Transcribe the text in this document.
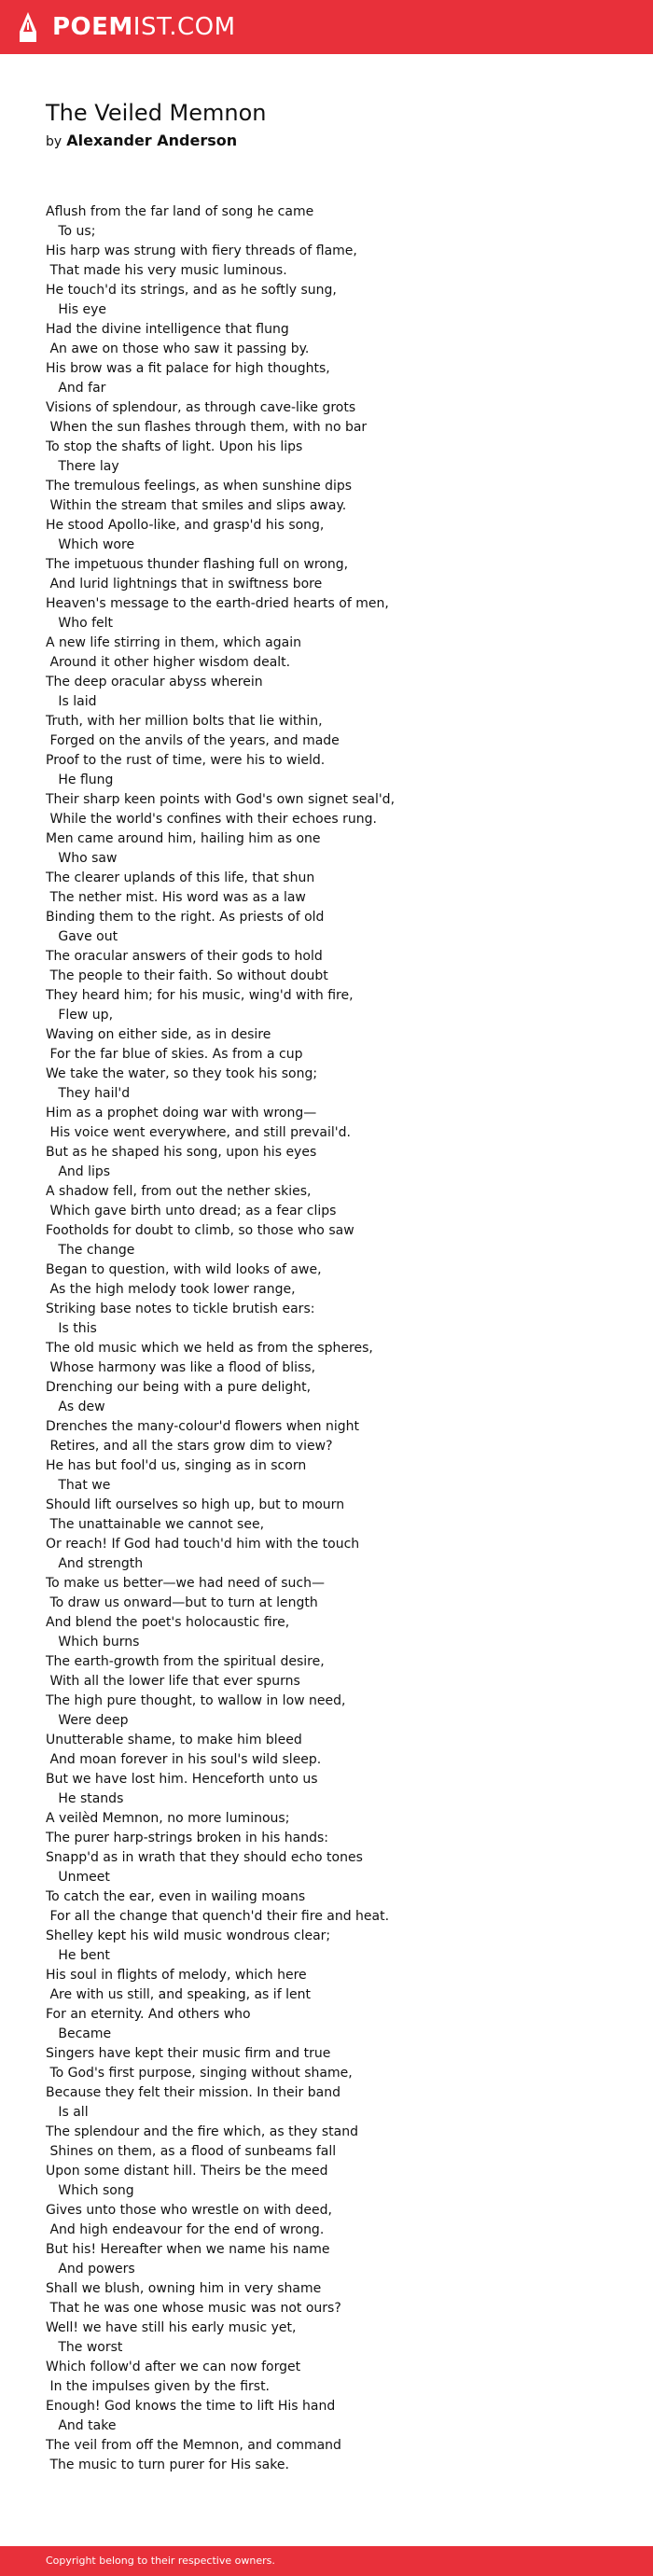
POEMIST.COM
The Veiled Memnon
by Alexander Anderson
Aflush from the far land of song he came
To us;
His harp was strung with fiery threads of flame,
That made his very music luminous.
He touch'd its strings, and as he softly sung,
His eye
Had the divine intelligence that flung
An awe on those who saw it passing by.
His brow was a fit palace for high thoughts,
And far
Visions of splendour, as through cave-like grots
When the sun flashes through them, with no bar
To stop the shafts of light. Upon his lips
There lay
The tremulous feelings, as when sunshine dips
Within the stream that smiles and slips away.
He stood Apollo-like, and grasp'd his song,
Which wore
The impetuous thunder flashing full on wrong,
And lurid lightnings that in swiftness bore
Heaven's message to the earth-dried hearts of men,
Who felt
A new life stirring in them, which again
Around it other higher wisdom dealt.
The deep oracular abyss wherein
Is laid
Truth, with her million bolts that lie within,
Forged on the anvils of the years, and made
Proof to the rust of time, were his to wield.
He flung
Their sharp keen points with God's own signet seal'd,
While the world's confines with their echoes rung.
Men came around him, hailing him as one
Who saw
The clearer uplands of this life, that shun
The nether mist. His word was as a law
Binding them to the right. As priests of old
Gave out
The oracular answers of their gods to hold
The people to their faith. So without doubt
They heard him; for his music, wing'd with fire,
Flew up,
Waving on either side, as in desire
For the far blue of skies. As from a cup
We take the water, so they took his song;
They hail'd
Him as a prophet doing war with wrong—
His voice went everywhere, and still prevail'd.
But as he shaped his song, upon his eyes
And lips
A shadow fell, from out the nether skies,
Which gave birth unto dread; as a fear clips
Footholds for doubt to climb, so those who saw
The change
Began to question, with wild looks of awe,
As the high melody took lower range,
Striking base notes to tickle brutish ears:
Is this
The old music which we held as from the spheres,
Whose harmony was like a flood of bliss,
Drenching our being with a pure delight,
As dew
Drenches the many-colour'd flowers when night
Retires, and all the stars grow dim to view?
He has but fool'd us, singing as in scorn
That we
Should lift ourselves so high up, but to mourn
The unattainable we cannot see,
Or reach! If God had touch'd him with the touch
And strength
To make us better—we had need of such—
To draw us onward—but to turn at length
And blend the poet's holocaustic fire,
Which burns
The earth-growth from the spiritual desire,
With all the lower life that ever spurns
The high pure thought, to wallow in low need,
Were deep
Unutterable shame, to make him bleed
And moan forever in his soul's wild sleep.
But we have lost him. Henceforth unto us
He stands
A veilèd Memnon, no more luminous;
The purer harp-strings broken in his hands:
Snapp'd as in wrath that they should echo tones
Unmeet
To catch the ear, even in wailing moans
For all the change that quench'd their fire and heat.
Shelley kept his wild music wondrous clear;
He bent
His soul in flights of melody, which here
Are with us still, and speaking, as if lent
For an eternity. And others who
Became
Singers have kept their music firm and true
To God's first purpose, singing without shame,
Because they felt their mission. In their band
Is all
The splendour and the fire which, as they stand
Shines on them, as a flood of sunbeams fall
Upon some distant hill. Theirs be the meed
Which song
Gives unto those who wrestle on with deed,
And high endeavour for the end of wrong.
But his! Hereafter when we name his name
And powers
Shall we blush, owning him in very shame
That he was one whose music was not ours?
Well! we have still his early music yet,
The worst
Which follow'd after we can now forget
In the impulses given by the first.
Enough! God knows the time to lift His hand
And take
The veil from off the Memnon, and command
The music to turn purer for His sake.
Copyright belong to their respective owners.
